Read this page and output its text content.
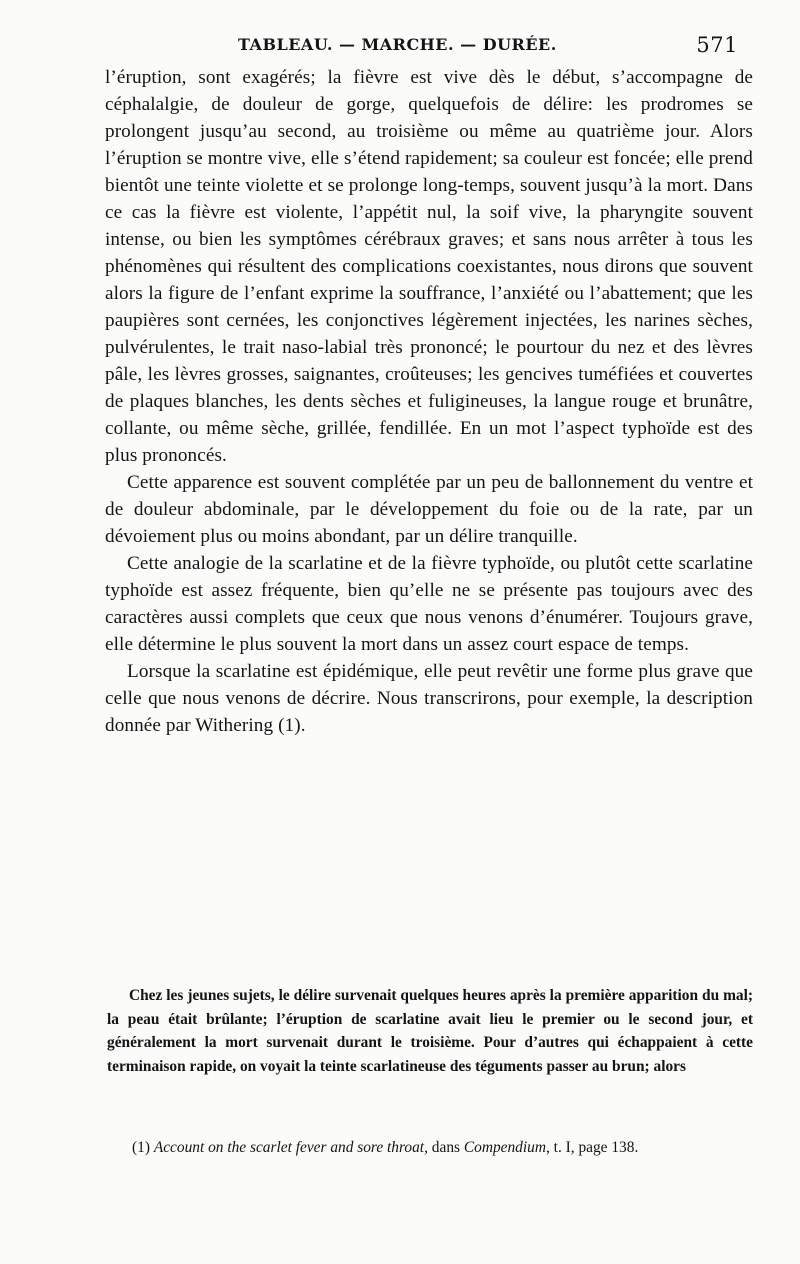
TABLEAU. — MARCHE. — DURÉE.	571

l’éruption, sont exagérés; la fièvre est vive dès le début, s’accompagne de céphalalgie, de douleur de gorge, quelquefois de délire: les prodromes se prolongent jusqu’au second, au troisième ou même au quatrième jour. Alors l’éruption se montre vive, elle s’étend rapidement; sa couleur est foncée; elle prend bientôt une teinte violette et se prolonge long-temps, souvent jusqu’à la mort. Dans ce cas la fièvre est violente, l’appétit nul, la soif vive, la pharyngite souvent intense, ou bien les symptômes cérébraux graves; et sans nous arrêter à tous les phénomènes qui résultent des complications coexistantes, nous dirons que souvent alors la figure de l’enfant exprime la souffrance, l’anxiété ou l’abattement; que les paupières sont cernées, les conjonctives légèrement injectées, les narines sèches, pulvérulentes, le trait naso-labial très prononcé; le pourtour du nez et des lèvres pâle, les lèvres grosses, saignantes, croûteuses; les gencives tuméfiées et couvertes de plaques blanches, les dents sèches et fuligineuses, la langue rouge et brunâtre, collante, ou même sèche, grillée, fendillée. En un mot l’aspect typhoïde est des plus prononcés.

Cette apparence est souvent complétée par un peu de ballonnement du ventre et de douleur abdominale, par le développement du foie ou de la rate, par un dévoiement plus ou moins abondant, par un délire tranquille.

Cette analogie de la scarlatine et de la fièvre typhoïde, ou plutôt cette scarlatine typhoïde est assez fréquente, bien qu’elle ne se présente pas toujours avec des caractères aussi complets que ceux que nous venons d’énumérer. Toujours grave, elle détermine le plus souvent la mort dans un assez court espace de temps.

Lorsque la scarlatine est épidémique, elle peut revêtir une forme plus grave que celle que nous venons de décrire. Nous transcrirons, pour exemple, la description donnée par Withering (1).

Chez les jeunes sujets, le délire survenait quelques heures après la première apparition du mal; la peau était brûlante; l’éruption de scarlatine avait lieu le premier ou le second jour, et généralement la mort survenait durant le troisième. Pour d’autres qui échappaient à cette terminaison rapide, on voyait la teinte scarlatineuse des téguments passer au brun; alors
(1) Account on the scarlet fever and sore throat, dans Compendium, t. I, page 138.
